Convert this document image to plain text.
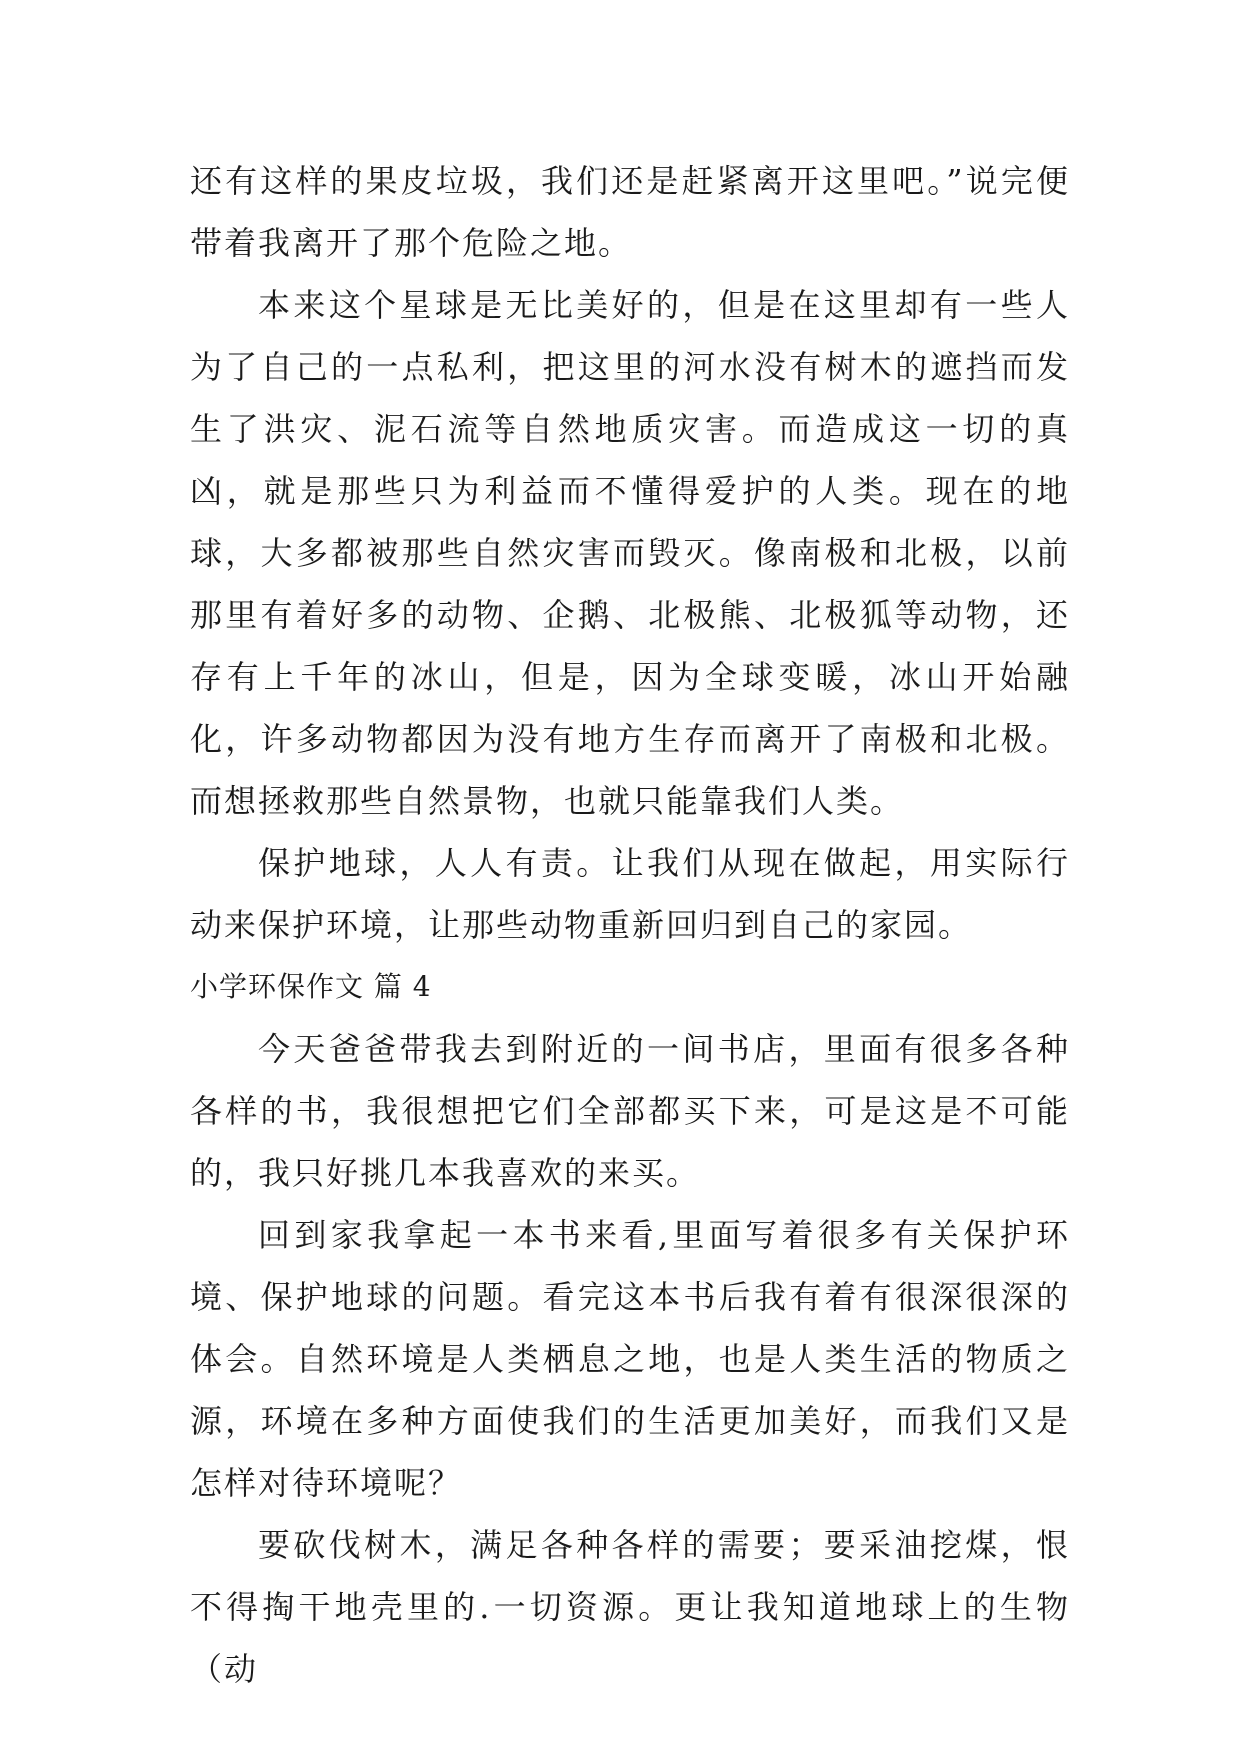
还有这样的果皮垃圾，我们还是赶紧离开这里吧。”说完便带着我离开了那个危险之地。

本来这个星球是无比美好的，但是在这里却有一些人为了自己的一点私利，把这里的河水没有树木的遮挡而发生了洪灾、泥石流等自然地质灾害。而造成这一切的真凶，就是那些只为利益而不懂得爱护的人类。现在的地球，大多都被那些自然灾害而毁灭。像南极和北极，以前那里有着好多的动物、企鹅、北极熊、北极狐等动物，还存有上千年的冰山，但是，因为全球变暖，冰山开始融化，许多动物都因为没有地方生存而离开了南极和北极。而想拯救那些自然景物，也就只能靠我们人类。

保护地球，人人有责。让我们从现在做起，用实际行动来保护环境，让那些动物重新回归到自己的家园。

小学环保作文 篇 4

今天爸爸带我去到附近的一间书店，里面有很多各种各样的书，我很想把它们全部都买下来，可是这是不可能的，我只好挑几本我喜欢的来买。

回到家我拿起一本书来看,里面写着很多有关保护环境、保护地球的问题。看完这本书后我有着有很深很深的体会。自然环境是人类栖息之地，也是人类生活的物质之源，环境在多种方面使我们的生活更加美好，而我们又是怎样对待环境呢？

要砍伐树木，满足各种各样的需要；要采油挖煤，恨不得掏干地壳里的.一切资源。更让我知道地球上的生物（动
